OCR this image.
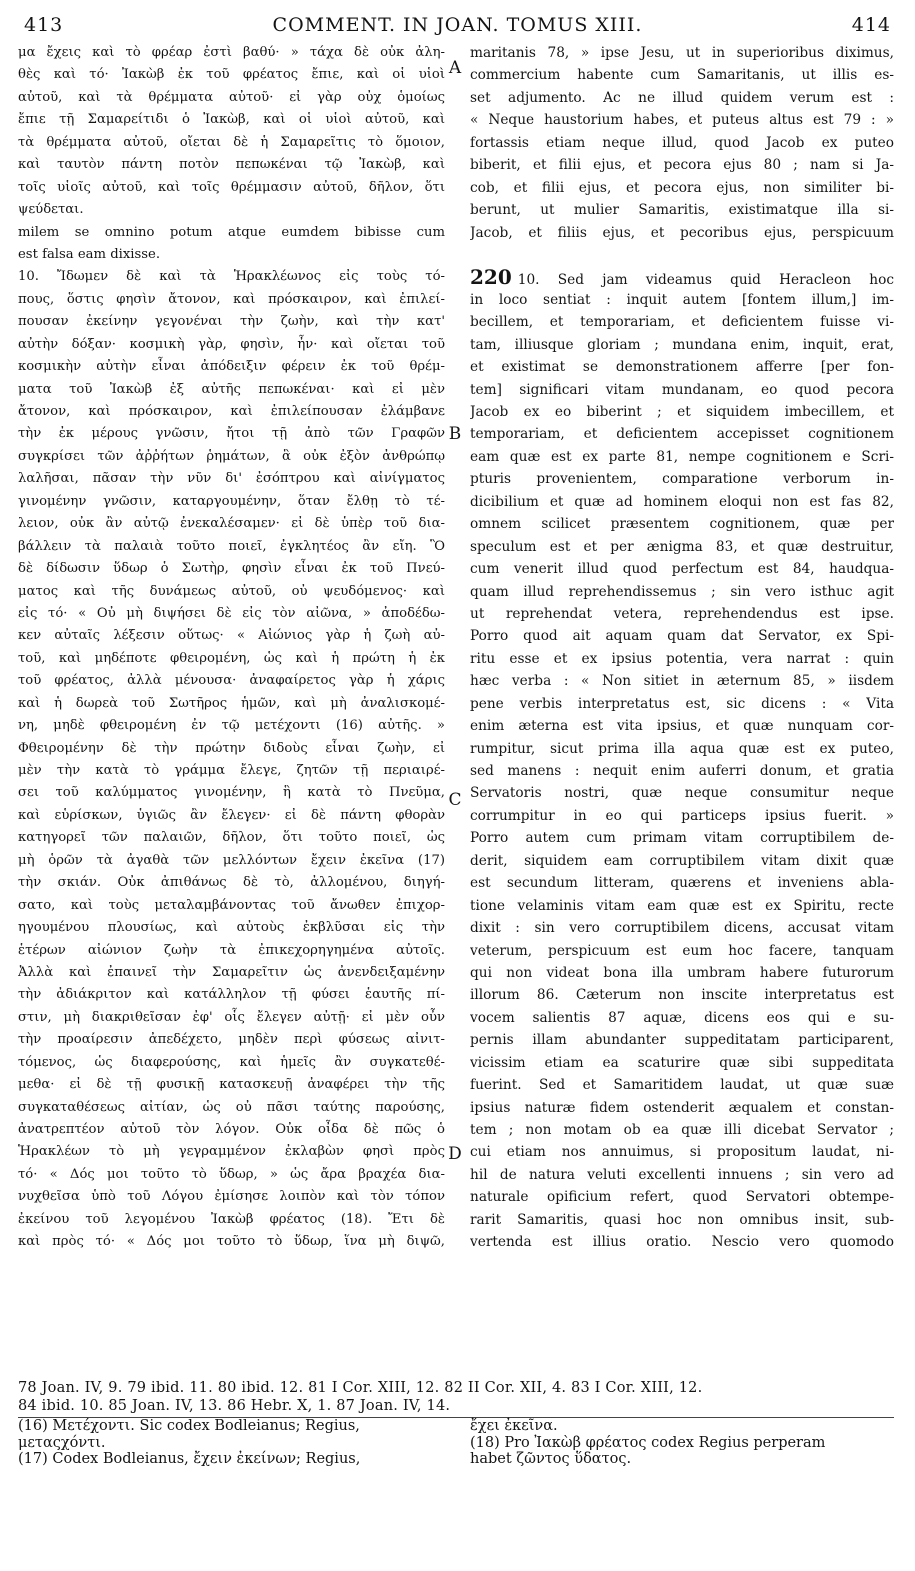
413	COMMENT. IN JOAN. TOMUS XIII.	414
μα ἔχεις καὶ τὸ φρέαρ ἐστὶ βαθύ· » τάχα δὲ οὐκ ἀλη-
θὲς καὶ τό· Ἰακὼβ ἐκ τοῦ φρέατος ἔπιε, καὶ οἱ υἱοὶ
αὐτοῦ, καὶ τὰ θρέμματα αὐτοῦ· εἰ γὰρ οὐχ ὁμοίως
ἔπιε τῇ Σαμαρείτιδι ὁ Ἰακὼβ, καὶ οἱ υἱοὶ αὐτοῦ, καὶ
τὰ θρέμματα αὐτοῦ, οἴεται δὲ ἡ Σαμαρεῖτις τὸ ὅμοιον,
καὶ ταυτὸν πάντη ποτὸν πεπωκέναι τῷ Ἰακὼβ, καὶ
τοῖς υἱοῖς αὐτοῦ, καὶ τοῖς θρέμμασιν αὐτοῦ, δῆλον, ὅτι
ψεύδεται.
milem se omnino potum atque eumdem bibisse cum
est falsa eam dixisse.
10. Ἴδωμεν δὲ καὶ τὰ Ἡρακλέωνος εἰς τοὺς τό-
πους, ὅστις φησὶν ἄτονον, καὶ πρόσκαιρον, καὶ ἐπιλεί-
πουσαν ἐκείνην γεγονέναι τὴν ζωὴν, καὶ τὴν κατ'
αὐτὴν δόξαν· κοσμικὴ γὰρ, φησὶν, ἦν· καὶ οἴεται τοῦ
κοσμικὴν αὐτὴν εἶναι ἀπόδειξιν φέρειν ἐκ τοῦ θρέμ-
ματα τοῦ Ἰακὼβ ἐξ αὐτῆς πεπωκέναι· καὶ εἰ μὲν
ἄτονον, καὶ πρόσκαιρον, καὶ ἐπιλείπουσαν ἐλάμβανε
τὴν ἐκ μέρους γνῶσιν, ἤτοι τῇ ἀπὸ τῶν Γραφῶν
συγκρίσει τῶν ἀῤῥήτων ῥημάτων, ἃ οὐκ ἐξὸν ἀνθρώπῳ
λαλῆσαι, πᾶσαν τὴν νῦν δι' ἐσόπτρου καὶ αἰνίγματος
γινομένην γνῶσιν, καταργουμένην, ὅταν ἔλθῃ τὸ τέ-
λειον, οὐκ ἂν αὐτῷ ἐνεκαλέσαμεν· εἰ δὲ ὑπὲρ τοῦ δια-
βάλλειν τὰ παλαιὰ τοῦτο ποιεῖ, ἐγκλητέος ἂν εἴη. Ὃ
δὲ δίδωσιν ὕδωρ ὁ Σωτὴρ, φησὶν εἶναι ἐκ τοῦ Πνεύ-
ματος καὶ τῆς δυνάμεως αὐτοῦ, οὐ ψευδόμενος· καὶ
εἰς τό· « Οὐ μὴ διψήσει δὲ εἰς τὸν αἰῶνα, » ἀποδέδω-
κεν αὐταῖς λέξεσιν οὕτως· « Αἰώνιος γὰρ ἡ ζωὴ αὐ-
τοῦ, καὶ μηδέποτε φθειρομένη, ὡς καὶ ἡ πρώτη ἡ ἐκ
τοῦ φρέατος, ἀλλὰ μένουσα· ἀναφαίρετος γὰρ ἡ χάρις
καὶ ἡ δωρεὰ τοῦ Σωτῆρος ἡμῶν, καὶ μὴ ἀναλισκομέ-
νη, μηδὲ φθειρομένη ἐν τῷ μετέχοντι (16) αὐτῆς. »
Φθειρομένην δὲ τὴν πρώτην διδοὺς εἶναι ζωὴν, εἰ
μὲν τὴν κατὰ τὸ γράμμα ἔλεγε, ζητῶν τῇ περιαιρέ-
σει τοῦ καλύμματος γινομένην, ἣ κατὰ τὸ Πνεῦμα,
καὶ εὑρίσκων, ὑγιῶς ἂν ἔλεγεν· εἰ δὲ πάντη φθορὰν
κατηγορεῖ τῶν παλαιῶν, δῆλον, ὅτι τοῦτο ποιεῖ, ὡς
μὴ ὁρῶν τὰ ἀγαθὰ τῶν μελλόντων ἔχειν ἐκεῖνα (17)
τὴν σκιάν. Οὐκ ἀπιθάνως δὲ τὸ, ἀλλομένου, διηγή-
σατο, καὶ τοὺς μεταλαμβάνοντας τοῦ ἄνωθεν ἐπιχορ-
ηγουμένου πλουσίως, καὶ αὐτοὺς ἐκβλῦσαι εἰς τὴν
ἑτέρων αἰώνιον ζωὴν τὰ ἐπικεχορηγημένα αὐτοῖς.
Ἀλλὰ καὶ ἐπαινεῖ τὴν Σαμαρεῖτιν ὡς ἀνενδειξαμένην
τὴν ἀδιάκριτον καὶ κατάλληλον τῇ φύσει ἑαυτῆς πί-
στιν, μὴ διακριθεῖσαν ἐφ' οἷς ἔλεγεν αὐτῇ· εἰ μὲν οὖν
τὴν προαίρεσιν ἀπεδέχετο, μηδὲν περὶ φύσεως αἰνιτ-
τόμενος, ὡς διαφερούσης, καὶ ἡμεῖς ἂν συγκατεθέ-
μεθα· εἰ δὲ τῇ φυσικῇ κατασκευῇ ἀναφέρει τὴν τῆς
συγκαταθέσεως αἰτίαν, ὡς οὐ πᾶσι ταύτης παρούσης,
ἀνατρεπτέον αὐτοῦ τὸν λόγον. Οὐκ οἶδα δὲ πῶς ὁ
Ἡρακλέων τὸ μὴ γεγραμμένον ἐκλαβὼν φησὶ πρὸς
τό· « Δός μοι τοῦτο τὸ ὕδωρ, » ὡς ἄρα βραχέα δια-
νυχθεῖσα ὑπὸ τοῦ Λόγου ἐμίσησε λοιπὸν καὶ τὸν τόπον
ἐκείνου τοῦ λεγομένου Ἰακὼβ φρέατος (18). Ἔτι δὲ
καὶ πρὸς τό· « Δός μοι τοῦτο τὸ ὕδωρ, ἵνα μὴ διψῶ,
maritanis 78, » ipse Jesu, ut in superioribus diximus,
commercium habente cum Samaritanis, ut illis es-
set adjumento. Ac ne illud quidem verum est :
« Neque haustorium habes, et puteus altus est 79 : »
fortassis etiam neque illud, quod Jacob ex puteo
biberit, et filii ejus, et pecora ejus 80 ; nam si Ja-
cob, et filii ejus, et pecora ejus, non similiter bi-
berunt, ut mulier Samaritis, existimatque illa si-
Jacob, et filiis ejus, et pecoribus ejus, perspicuum
220 10. Sed jam videamus quid Heracleon hoc
in loco sentiat : inquit autem [fontem illum,] im-
becillem, et temporariam, et deficientem fuisse vi-
tam, illiusque gloriam ; mundana enim, inquit, erat,
et existimat se demonstrationem afferre [per fon-
tem] significari vitam mundanam, eo quod pecora
Jacob ex eo biberint ; et siquidem imbecillem, et
temporariam, et deficientem accepisset cognitionem
eam quæ est ex parte 81, nempe cognitionem e Scri-
pturis provenientem, comparatione verborum in-
dicibilium et quæ ad hominem eloqui non est fas 82,
omnem scilicet præsentem cognitionem, quæ per
speculum est et per ænigma 83, et quæ destruitur,
cum venerit illud quod perfectum est 84, haudqua-
quam illud reprehendissemus ; sin vero isthuc agit
ut reprehendat vetera, reprehendendus est ipse.
Porro quod ait aquam quam dat Servator, ex Spi-
ritu esse et ex ipsius potentia, vera narrat : quin
hæc verba : « Non sitiet in æternum 85, » iisdem
pene verbis interpretatus est, sic dicens : « Vita
enim æterna est vita ipsius, et quæ nunquam cor-
rumpitur, sicut prima illa aqua quæ est ex puteo,
sed manens : nequit enim auferri donum, et gratia
Servatoris nostri, quæ neque consumitur neque
corrumpitur in eo qui particeps ipsius fuerit. »
Porro autem cum primam vitam corruptibilem de-
derit, siquidem eam corruptibilem vitam dixit quæ
est secundum litteram, quærens et inveniens abla-
tione velaminis vitam eam quæ est ex Spiritu, recte
dixit : sin vero corruptibilem dicens, accusat vitam
veterum, perspicuum est eum hoc facere, tanquam
qui non videat bona illa umbram habere futurorum
illorum 86. Cæterum non inscite interpretatus est
vocem salientis 87 aquæ, dicens eos qui e su-
pernis illam abundanter suppeditatam participarent,
vicissim etiam ea scaturire quæ sibi suppeditata
fuerint. Sed et Samaritidem laudat, ut quæ suæ
ipsius naturæ fidem ostenderit æqualem et constan-
tem ; non motam ob ea quæ illi dicebat Servator ;
cui etiam nos annuimus, si propositum laudat, ni-
hil de natura veluti excellenti innuens ; sin vero ad
naturale opificium refert, quod Servatori obtempe-
rarit Samaritis, quasi hoc non omnibus insit, sub-
vertenda est illius oratio. Nescio vero quomodo
A
B
C
D
78 Joan. IV, 9. 79 ibid. 11. 80 ibid. 12. 81 I Cor. XIII, 12. 82 II Cor. XII, 4. 83 I Cor. XIII, 12.
84 ibid. 10. 85 Joan. IV, 13. 86 Hebr. X, 1. 87 Joan. IV, 14.
(16) Μετέχοντι. Sic codex Bodleianus; Regius,
μεταςχόντι.
(17) Codex Bodleianus, ἔχειν ἐκείνων; Regius,
ἔχει ἐκεῖνα.
(18) Pro Ἰακὼβ φρέατος codex Regius perperam
habet ζῶντος ὕδατος.
